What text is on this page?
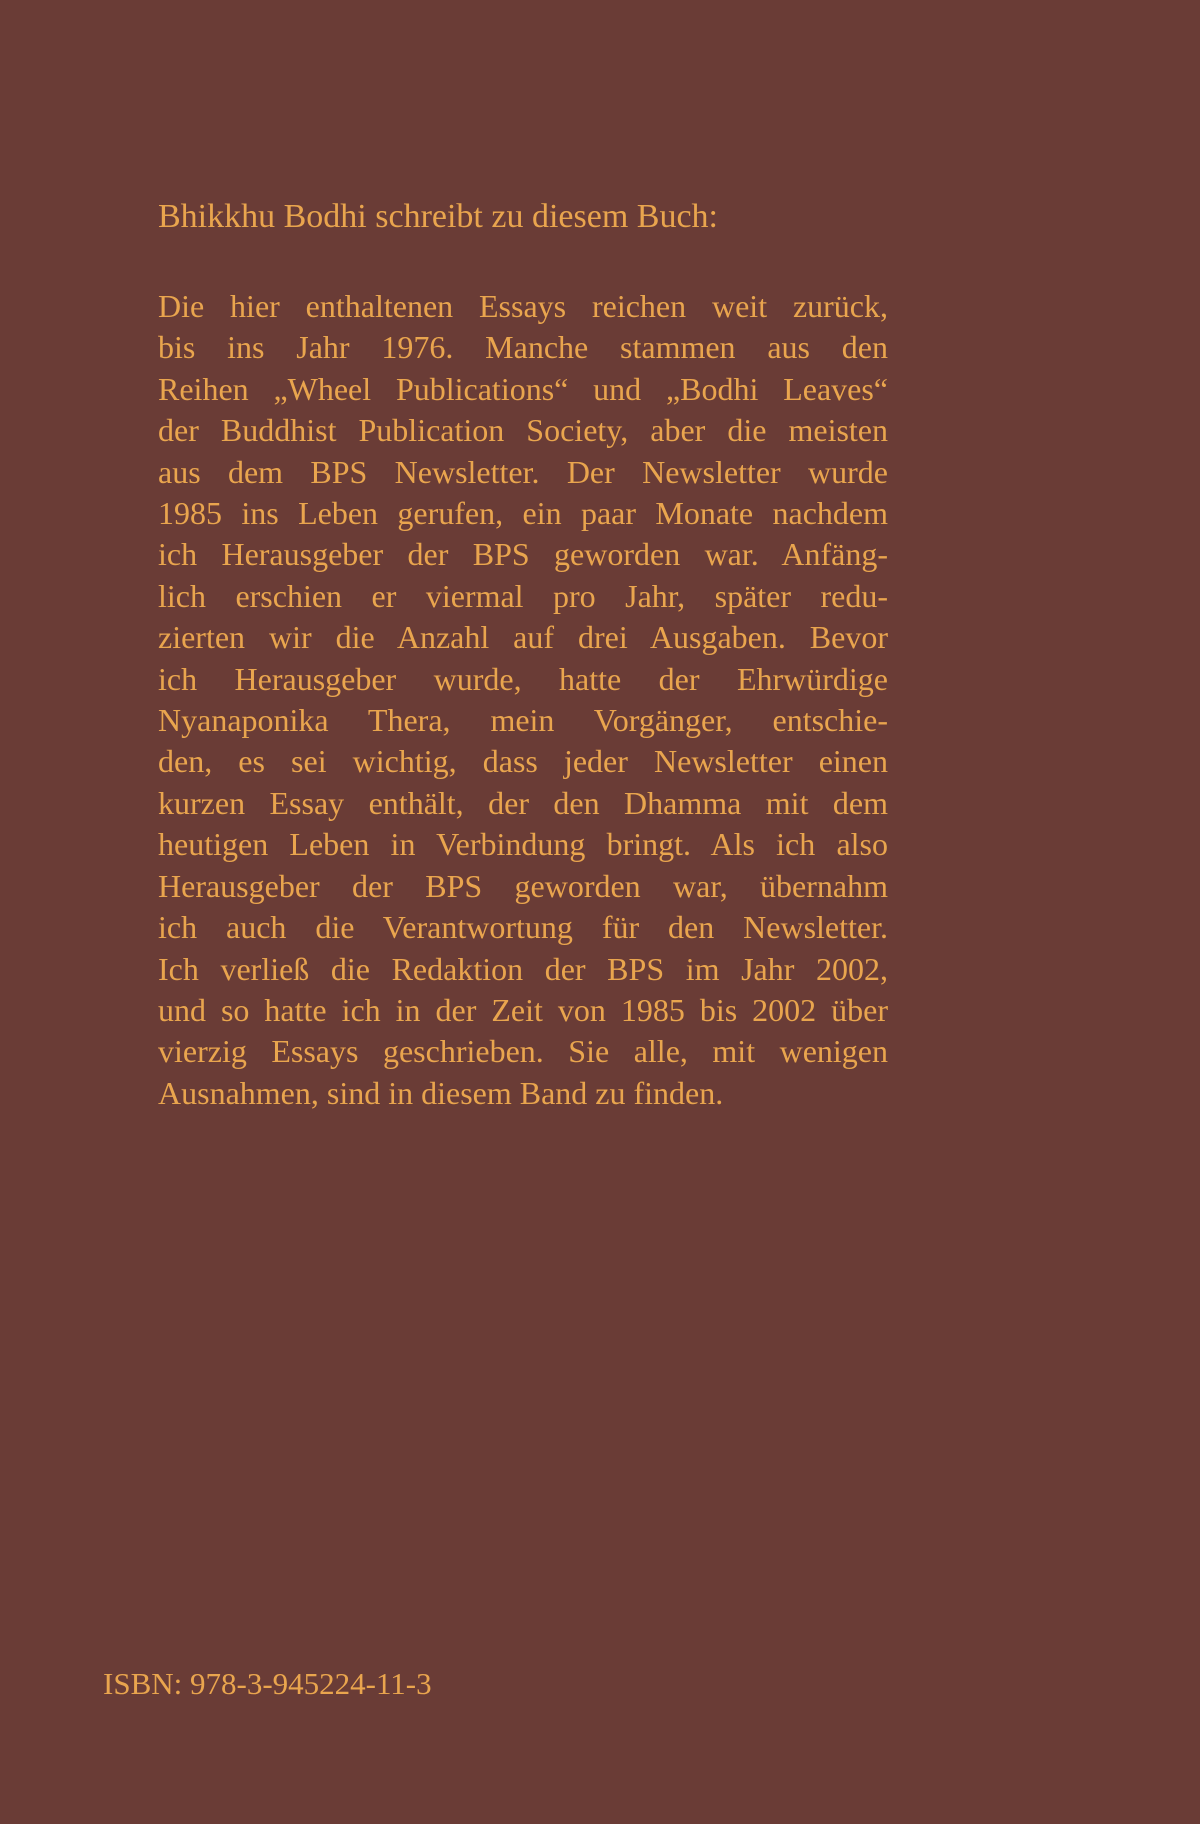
Bhikkhu Bodhi schreibt zu diesem Buch:
Die hier enthaltenen Essays reichen weit zurück,
bis ins Jahr 1976. Manche stammen aus den
Reihen „Wheel Publications“ und „Bodhi Leaves“
der Buddhist Publication Society, aber die meisten
aus dem BPS Newsletter. Der Newsletter wurde
1985 ins Leben gerufen, ein paar Monate nachdem
ich Herausgeber der BPS geworden war. Anfäng-
lich erschien er viermal pro Jahr, später redu-
zierten wir die Anzahl auf drei Ausgaben. Bevor
ich Herausgeber wurde, hatte der Ehrwürdige
Nyanaponika Thera, mein Vorgänger, entschie-
den, es sei wichtig, dass jeder Newsletter einen
kurzen Essay enthält, der den Dhamma mit dem
heutigen Leben in Verbindung bringt. Als ich also
Herausgeber der BPS geworden war, übernahm
ich auch die Verantwortung für den Newsletter.
Ich verließ die Redaktion der BPS im Jahr 2002,
und so hatte ich in der Zeit von 1985 bis 2002 über
vierzig Essays geschrieben. Sie alle, mit wenigen
Ausnahmen, sind in diesem Band zu finden.
ISBN: 978-3-945224-11-3
